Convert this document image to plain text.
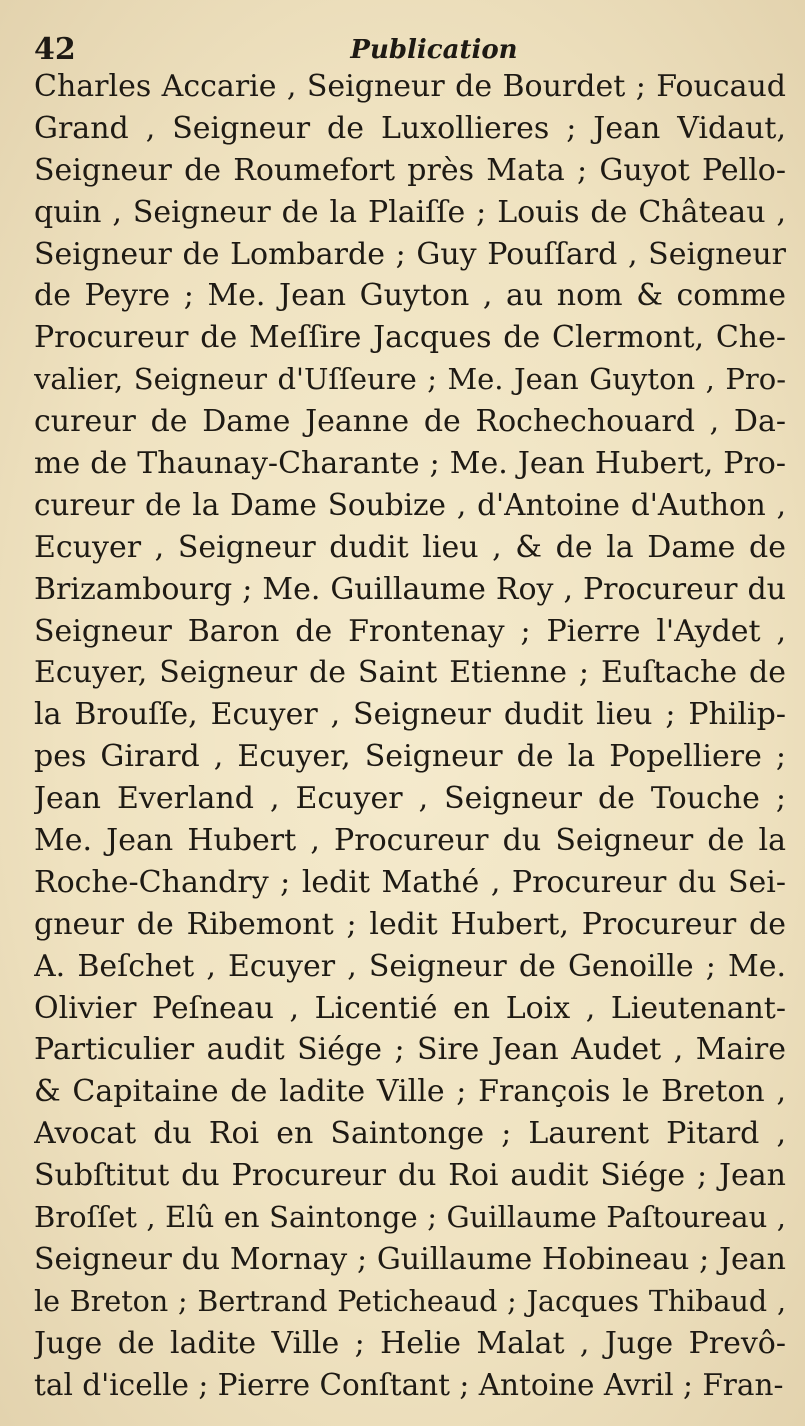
42	Publication
Charles Accarie , Seigneur de Bourdet ; Foucaud
Grand , Seigneur de Luxollieres ; Jean Vidaut,
Seigneur de Roumefort près Mata ; Guyot Pello-
quin , Seigneur de la Plaiſſe ; Louis de Château ,
Seigneur de Lombarde ; Guy Pouſſard , Seigneur
de Peyre ; Me. Jean Guyton , au nom & comme
Procureur de Meſſire Jacques de Clermont, Che-
valier, Seigneur d'Uſſeure ; Me. Jean Guyton , Pro-
cureur de Dame Jeanne de Rochechouard , Da-
me de Thaunay-Charante ; Me. Jean Hubert, Pro-
cureur de la Dame Soubize , d'Antoine d'Authon ,
Ecuyer , Seigneur dudit lieu , & de la Dame de
Brizambourg ; Me. Guillaume Roy , Procureur du
Seigneur Baron de Frontenay ; Pierre l'Aydet ,
Ecuyer, Seigneur de Saint Etienne ; Euſtache de
la Brouſſe, Ecuyer , Seigneur dudit lieu ; Philip-
pes Girard , Ecuyer, Seigneur de la Popelliere ;
Jean Everland , Ecuyer , Seigneur de Touche ;
Me. Jean Hubert , Procureur du Seigneur de la
Roche-Chandry ; ledit Mathé , Procureur du Sei-
gneur de Ribemont ; ledit Hubert, Procureur de
A. Beſchet , Ecuyer , Seigneur de Genoille ; Me.
Olivier Peſneau , Licentié en Loix , Lieutenant-
Particulier audit Siége ; Sire Jean Audet , Maire
& Capitaine de ladite Ville ; François le Breton ,
Avocat du Roi en Saintonge ; Laurent Pitard ,
Subſtitut du Procureur du Roi audit Siége ; Jean
Broſſet , Elû en Saintonge ; Guillaume Paſtoureau ,
Seigneur du Mornay ; Guillaume Hobineau ; Jean
le Breton ; Bertrand Peticheaud ; Jacques Thibaud ,
Juge de ladite Ville ; Helie Malat , Juge Prevô-
tal d'icelle ; Pierre Conſtant ; Antoine Avril ; Fran-
